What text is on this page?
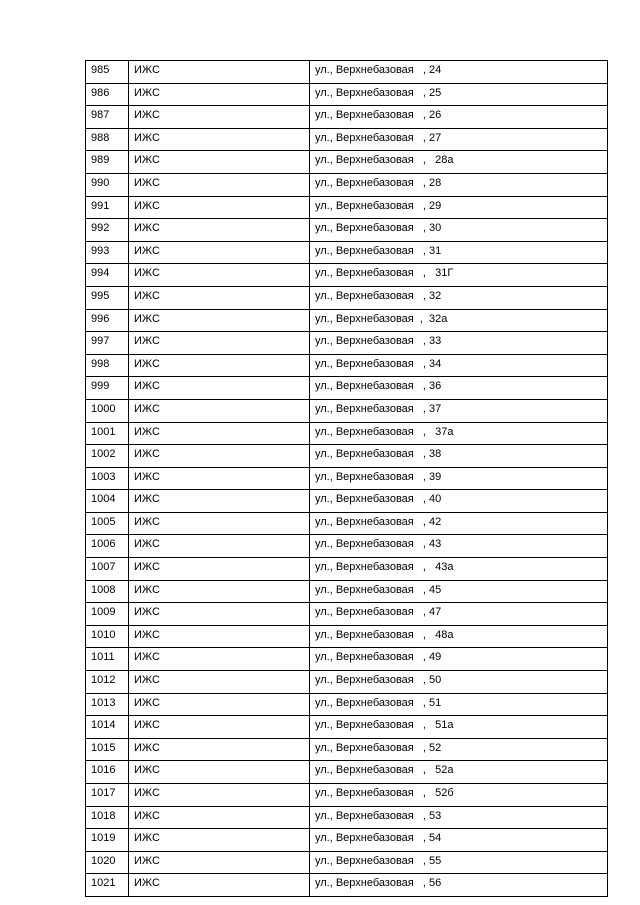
985	ИЖС	ул., Верхнебазовая   , 24
986	ИЖС	ул., Верхнебазовая   , 25
987	ИЖС	ул., Верхнебазовая   , 26
988	ИЖС	ул., Верхнебазовая   , 27
989	ИЖС	ул., Верхнебазовая   ,   28а
990	ИЖС	ул., Верхнебазовая   , 28
991	ИЖС	ул., Верхнебазовая   , 29
992	ИЖС	ул., Верхнебазовая   , 30
993	ИЖС	ул., Верхнебазовая   , 31
994	ИЖС	ул., Верхнебазовая   ,   31Г
995	ИЖС	ул., Верхнебазовая   , 32
996	ИЖС	ул., Верхнебазовая  ,  32а
997	ИЖС	ул., Верхнебазовая   , 33
998	ИЖС	ул., Верхнебазовая   , 34
999	ИЖС	ул., Верхнебазовая   , 36
1000	ИЖС	ул., Верхнебазовая   , 37
1001	ИЖС	ул., Верхнебазовая   ,   37а
1002	ИЖС	ул., Верхнебазовая   , 38
1003	ИЖС	ул., Верхнебазовая   , 39
1004	ИЖС	ул., Верхнебазовая   , 40
1005	ИЖС	ул., Верхнебазовая   , 42
1006	ИЖС	ул., Верхнебазовая   , 43
1007	ИЖС	ул., Верхнебазовая   ,   43а
1008	ИЖС	ул., Верхнебазовая   , 45
1009	ИЖС	ул., Верхнебазовая   , 47
1010	ИЖС	ул., Верхнебазовая   ,   48а
1011	ИЖС	ул., Верхнебазовая   , 49
1012	ИЖС	ул., Верхнебазовая   , 50
1013	ИЖС	ул., Верхнебазовая   , 51
1014	ИЖС	ул., Верхнебазовая   ,   51а
1015	ИЖС	ул., Верхнебазовая   , 52
1016	ИЖС	ул., Верхнебазовая   ,   52а
1017	ИЖС	ул., Верхнебазовая   ,   52б
1018	ИЖС	ул., Верхнебазовая   , 53
1019	ИЖС	ул., Верхнебазовая   , 54
1020	ИЖС	ул., Верхнебазовая   , 55
1021	ИЖС	ул., Верхнебазовая   , 56
